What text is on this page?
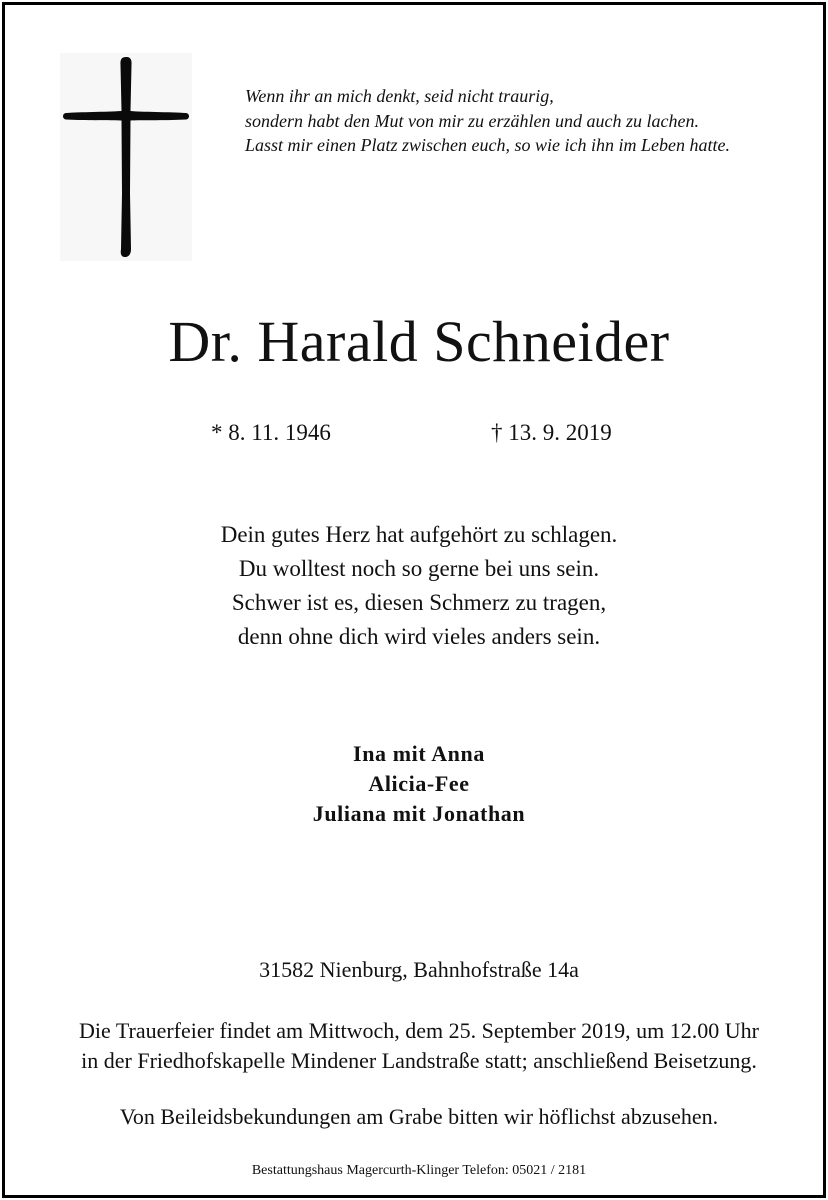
Wenn ihr an mich denkt, seid nicht traurig,
sondern habt den Mut von mir zu erzählen und auch zu lachen.
Lasst mir einen Platz zwischen euch, so wie ich ihn im Leben hatte.
Dr. Harald Schneider
* 8. 11. 1946	† 13. 9. 2019
Dein gutes Herz hat aufgehört zu schlagen.
Du wolltest noch so gerne bei uns sein.
Schwer ist es, diesen Schmerz zu tragen,
denn ohne dich wird vieles anders sein.
Ina mit Anna
Alicia-Fee
Juliana mit Jonathan
31582 Nienburg, Bahnhofstraße 14a
Die Trauerfeier findet am Mittwoch, dem 25. September 2019, um 12.00 Uhr
in der Friedhofskapelle Mindener Landstraße statt; anschließend Beisetzung.
Von Beileidsbekundungen am Grabe bitten wir höflichst abzusehen.
Bestattungshaus Magercurth-Klinger Telefon: 05021 / 2181
